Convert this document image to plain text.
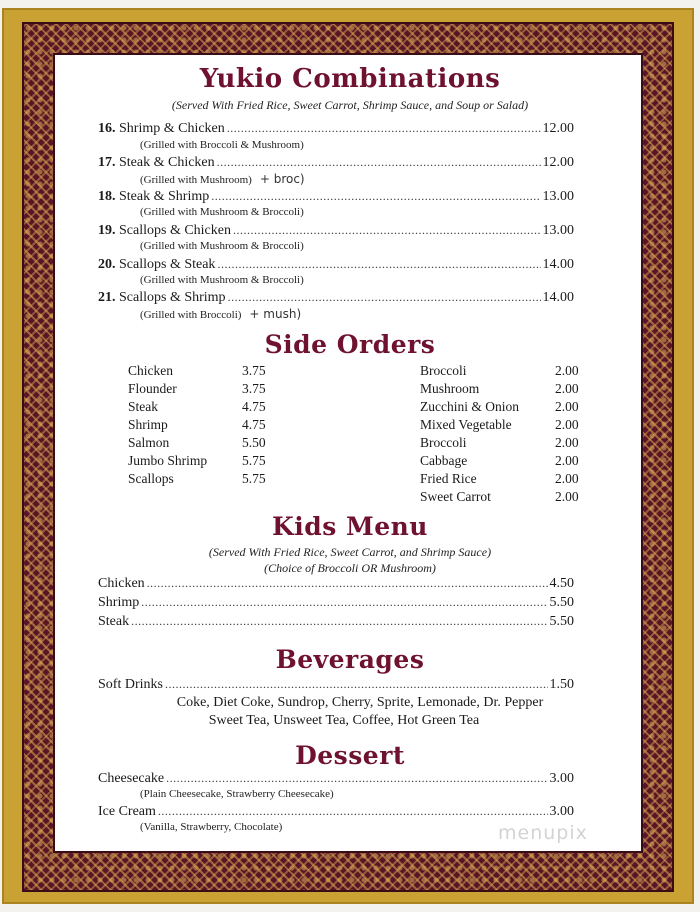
Yukio Combinations
(Served With Fried Rice, Sweet Carrot, Shrimp Sauce, and Soup or Salad)
16. Shrimp & Chicken .....	12.00
(Grilled with Broccoli & Mushroom)
17. Steak & Chicken .....	12.00
(Grilled with Mushroom) + broc)
18. Steak & Shrimp .....	13.00
(Grilled with Mushroom & Broccoli)
19. Scallops & Chicken .....	13.00
(Grilled with Mushroom & Broccoli)
20. Scallops & Steak .....	14.00
(Grilled with Mushroom & Broccoli)
21. Scallops & Shrimp .....	14.00
(Grilled with Broccoli) + mush)
Side Orders
Chicken	3.75
Flounder	3.75
Steak	4.75
Shrimp	4.75
Salmon	5.50
Jumbo Shrimp	5.75
Scallops	5.75
Broccoli	2.00
Mushroom	2.00
Zucchini & Onion	2.00
Mixed Vegetable	2.00
Broccoli	2.00
Cabbage	2.00
Fried Rice	2.00
Sweet Carrot	2.00
Kids Menu
(Served With Fried Rice, Sweet Carrot, and Shrimp Sauce)
(Choice of Broccoli OR Mushroom)
Chicken .....	4.50
Shrimp .....	5.50
Steak .....	5.50
Beverages
Soft Drinks .....	1.50
Coke, Diet Coke, Sundrop, Cherry, Sprite, Lemonade, Dr. Pepper
Sweet Tea, Unsweet Tea, Coffee, Hot Green Tea
Dessert
Cheesecake .....	3.00
(Plain Cheesecake, Strawberry Cheesecake)
Ice Cream .....	3.00
(Vanilla, Strawberry, Chocolate)	menupix
